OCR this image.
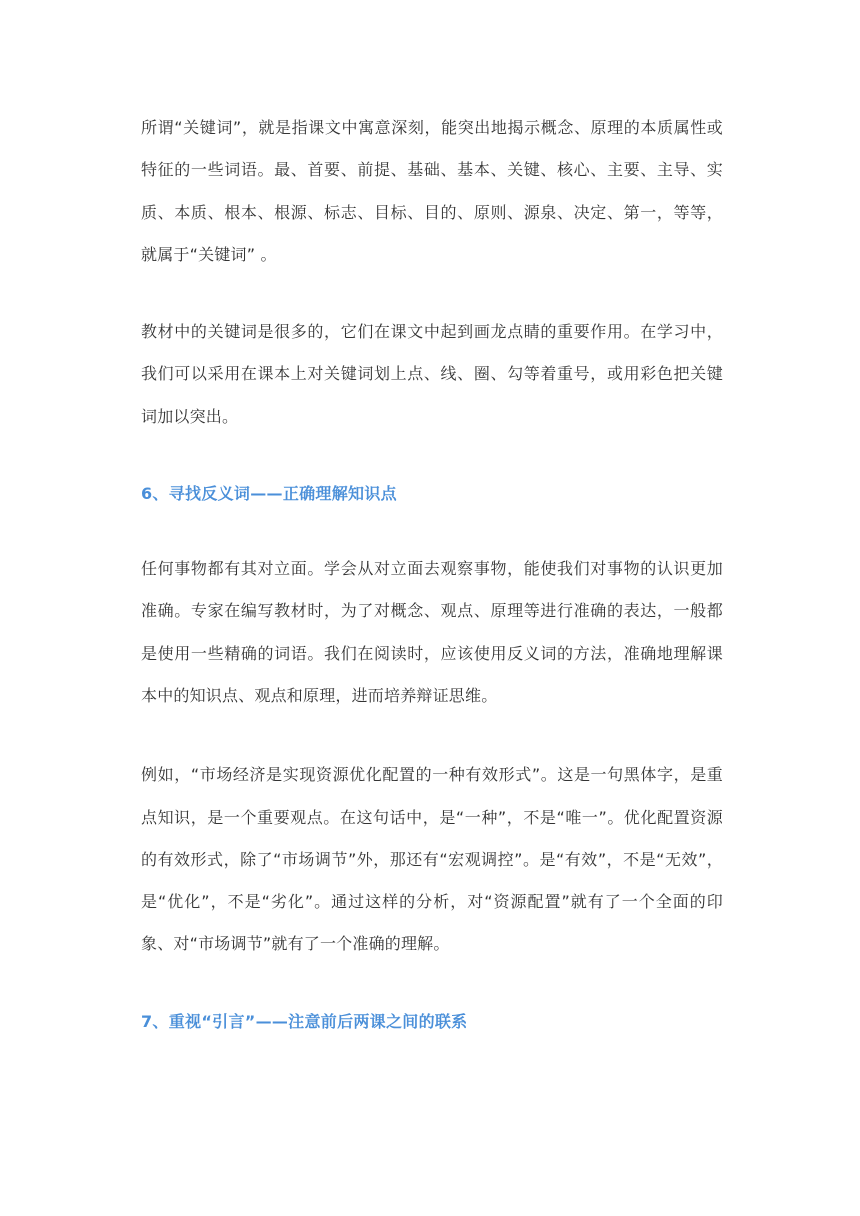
所谓“关键词”，就是指课文中寓意深刻，能突出地揭示概念、原理的本质属性或特征的一些词语。最、首要、前提、基础、基本、关键、核心、主要、主导、实质、本质、根本、根源、标志、目标、目的、原则、源泉、决定、第一，等等，就属于“关键词” 。

教材中的关键词是很多的，它们在课文中起到画龙点睛的重要作用。在学习中，我们可以采用在课本上对关键词划上点、线、圈、勾等着重号，或用彩色把关键词加以突出。

6、寻找反义词——正确理解知识点

任何事物都有其对立面。学会从对立面去观察事物，能使我们对事物的认识更加准确。专家在编写教材时，为了对概念、观点、原理等进行准确的表达，一般都是使用一些精确的词语。我们在阅读时，应该使用反义词的方法，准确地理解课本中的知识点、观点和原理，进而培养辩证思维。

例如，“市场经济是实现资源优化配置的一种有效形式”。这是一句黑体字，是重点知识，是一个重要观点。在这句话中，是“一种”，不是“唯一”。优化配置资源的有效形式，除了“市场调节”外，那还有“宏观调控”。是“有效”，不是“无效”，是“优化”，不是“劣化”。通过这样的分析，对“资源配置”就有了一个全面的印象、对“市场调节”就有了一个准确的理解。

7、重视“引言”——注意前后两课之间的联系
